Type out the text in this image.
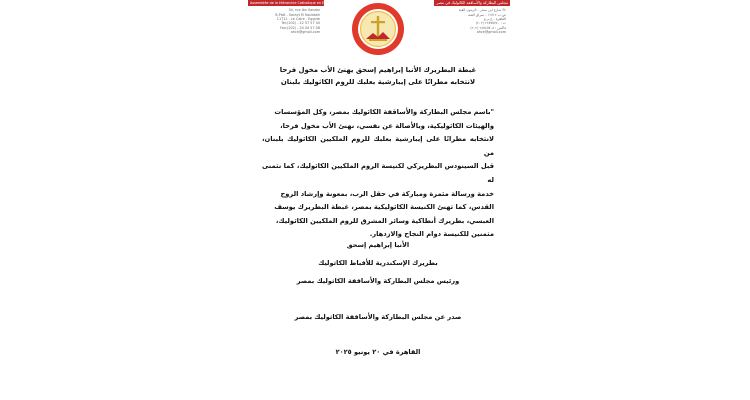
Assemblée de la Hiérarchie Catholique en Egypte
34, rue Ibn Sandar
B.Pbtt - Sarayt El Koubbeh
11712 - Le Caire - Egypte
Tel:(202) - 22 57 57 40
Fax:(202) - 24 54 57 08
ahce@gmail.com
مجلس البطاركة والأساقفة الكاثوليك في مصر
٣٤ شارع ابن سندر - الزيتون القبة
ص.ب ١١٧١٢ - سراي القبة
القاهرة - ج.م.ع
ت : ٢٢٥٧٥٧٤٠ (٢٠٢)
فاكس : ٢٤٥٤٥٧٠٨ (٢٠٢)
ahce@gmail.com
غبطة البطريرك الأنبا إبراهيم إسحق يهنئ الأب مخول فرحا
لانتخابه مطرانًا على إيبارشية بعلبك للروم الكاثوليك بلبنان
"باسم مجلس البطاركة والأساقفة الكاثوليك بمصر، وكل المؤسسات
والهيئات الكاثوليكية، وبالأصالة عن نفسي، نهنئ الأب مخول فرحا،
لانتخابه مطرانًا على إيبارشية بعلبك للروم الملكيين الكاثوليك بلبنان، من
قبل السينودس البطريركي لكنيسة الروم الملكيين الكاثوليك، كما نتمنى له
خدمة ورسالة مثمرة ومباركة في حقل الرب، بمعونة وإرشاد الروح
القدس، كما تهنئ الكنيسة الكاثوليكية بمصر، غبطة البطريرك يوسف
العبسي، بطريرك أنطاكية وسائر المشرق للروم الملكيين الكاثوليك،
متمنين للكنيسة دوام النجاح والازدهار.
الأنبا إبراهيم إسحق
بطريرك الإسكندرية للأقباط الكاثوليك
ورئيس مجلس البطاركة والأساقفة الكاثوليك بمصر
صدر عن مجلس البطاركة والأساقفة الكاثوليك بمصر
القاهرة في ٢٠ يونيو ٢٠٢٥
